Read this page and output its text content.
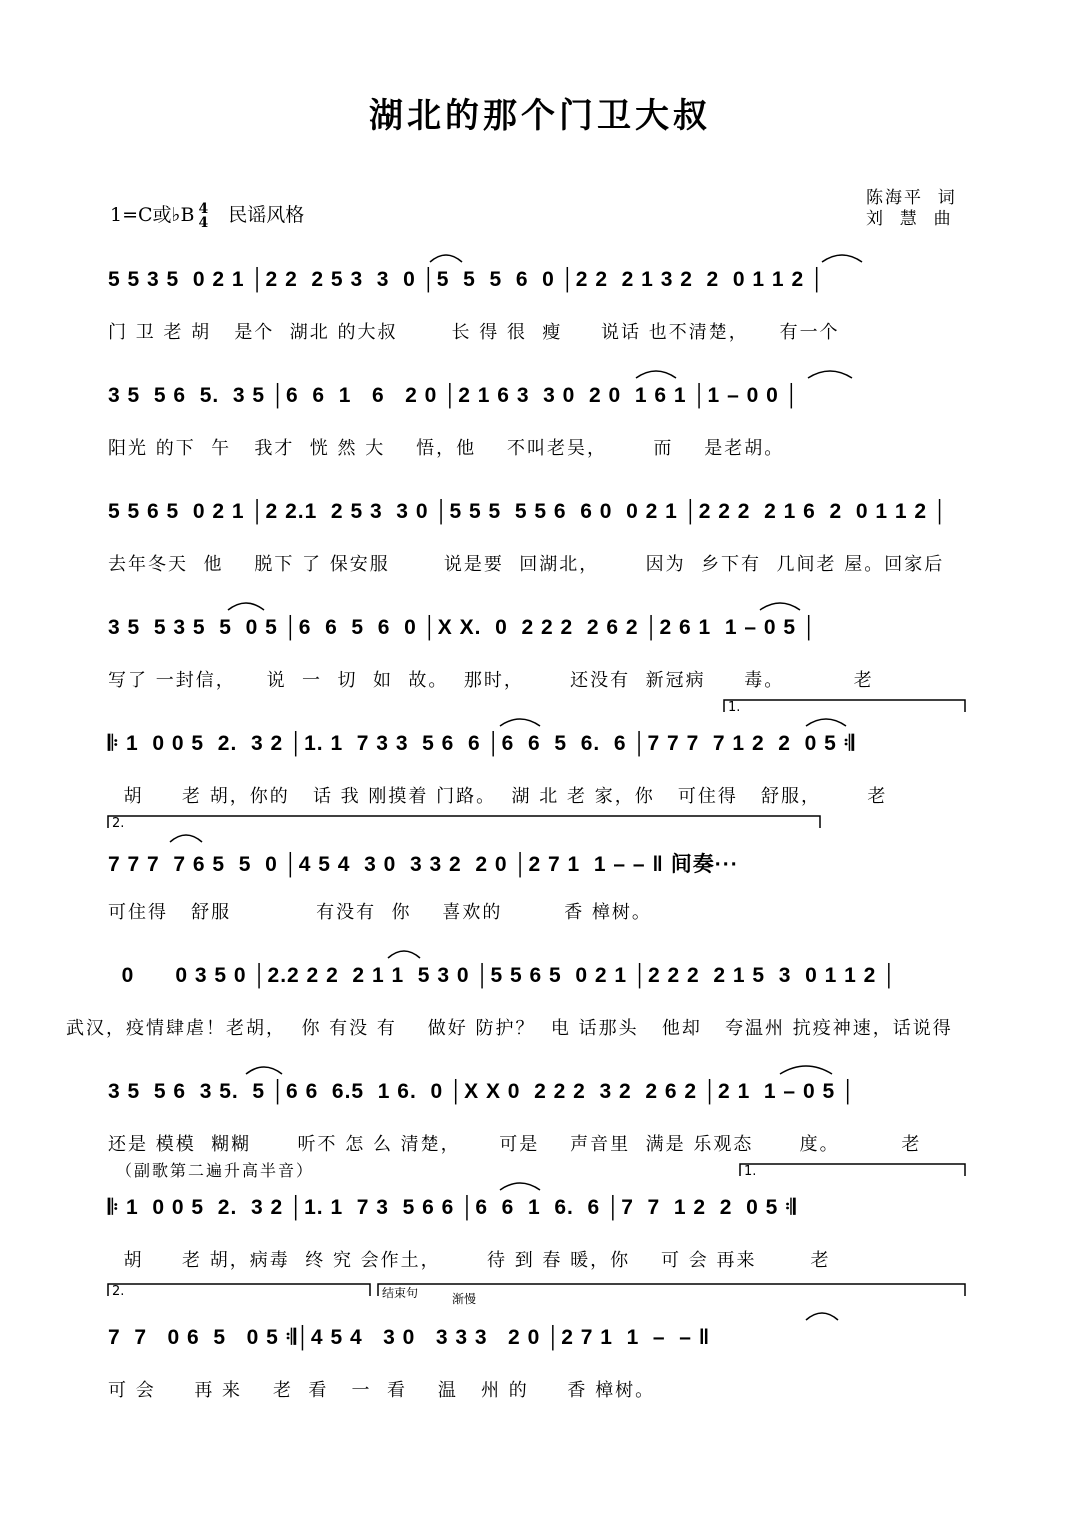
湖北的那个门卫大叔
1=C或♭B 4
4 民谣风格
陈海平  词
刘  慧  曲
5 5 3 5  0 2 1 │2 2  2 5 3  3  0 │5  5  5  6  0 │2 2  2 1 3 2  2  0 1 1 2 │
门 卫 老 胡   是个  湖北 的大叔       长 得 很  瘦     说话 也不清楚，    有一个
3 5  5 6  5.  3 5 │6  6  1   6   2 0 │2 1 6 3  3 0  2 0  1 6 1 │1 – 0 0 │
阳光 的下  午   我才  恍 然 大    悟，他    不叫老吴，      而    是老胡。
5 5 6 5  0 2 1 │2 2.1  2 5 3  3 0 │5 5 5  5 5 6  6 0  0 2 1 │2 2 2  2 1 6  2  0 1 1 2 │
去年冬天  他    脱下 了 保安服       说是要  回湖北，      因为  乡下有  几间老 屋。回家后
3 5  5 3 5  5  0 5 │6  6  5  6  0 │X X.  0  2 2 2  2 6 2 │2 6 1  1 – 0 5 │
写了 一封信，    说  一  切  如  故。  那时，      还没有  新冠病     毒。         老
1.
𝄆 1  0 0 5  2.  3 2 │1. 1  7 3 3  5 6  6 │6  6  5  6.  6 │7 7 7  7 1 2  2  0 5 𝄇
胡     老 胡，你的   话 我 刚摸着 门路。  湖 北 老 家，你   可住得   舒服，      老
2.
7 7 7  7 6 5  5  0 │4 5 4  3 0  3 3 2  2 0 │2 7 1  1 – – ‖ 间奏···
可住得   舒服           有没有  你    喜欢的        香 樟树。
0      0 3 5 0 │2.2 2 2  2 1 1  5 3 0 │5 5 6 5  0 2 1 │2 2 2  2 1 5  3  0 1 1 2 │
武汉，疫情肆虐！老胡，  你 有没 有    做好 防护？  电 话那头   他却   夸温州 抗疫神速，话说得
3 5  5 6  3 5.  5 │6 6  6.5  1 6.  0 │X X 0  2 2 2  3 2  2 6 2 │2 1  1 – 0 5 │
还是 模模  糊糊      听不 怎 么 清楚，     可是    声音里  满是 乐观态      度。        老
（副歌第二遍升高半音）	1.
𝄆 1  0 0 5  2.  3 2 │1. 1  7 3  5 6 6 │6  6  1  6.  6 │7  7  1 2  2  0 5 𝄇
胡     老 胡，病毒  终 究 会作土，      待 到 春 暖，你    可 会 再来       老
2.	结束句	渐慢
7  7   0 6  5   0 5 𝄇│4 5 4   3 0   3 3 3   2 0 │2 7 1  1  –  – ‖
可 会     再 来    老  看   一  看    温   州 的     香 樟树。
